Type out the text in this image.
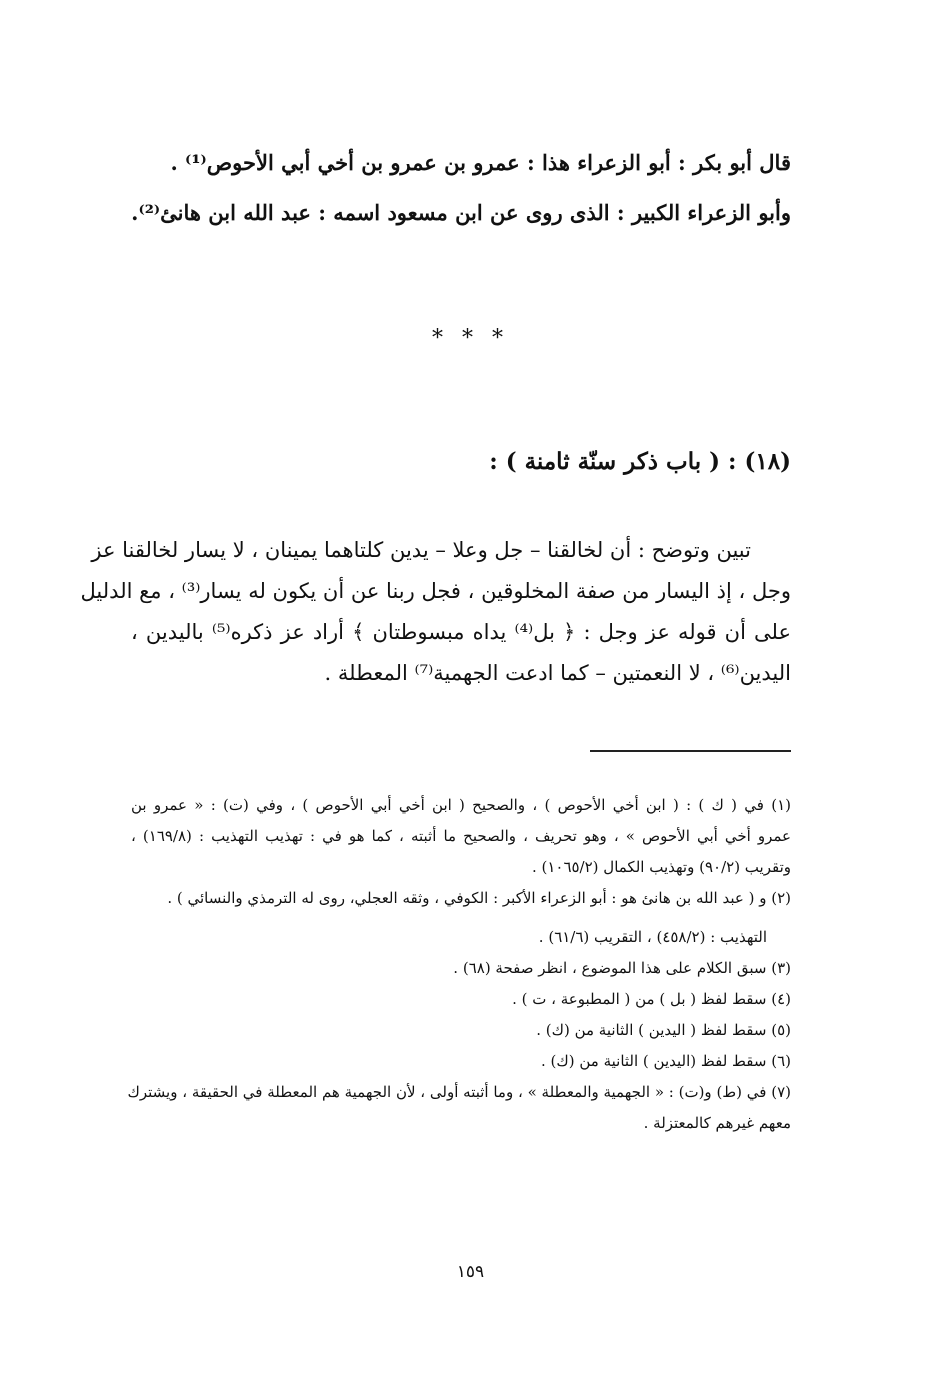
قال أبو بكر : أبو الزعراء هذا : عمرو بن عمرو بن أخي أبي الأحوص⁽¹⁾ .
وأبو الزعراء الكبير : الذى روى عن ابن مسعود اسمه : عبد الله ابن هانئ⁽²⁾.
* * *
(١٨) : ( باب ذكر سنّة ثامنة ) :
تبين وتوضح : أن لخالقنا – جل وعلا – يدين كلتاهما يمينان ، لا يسار لخالقنا عز
وجل ، إذ اليسار من صفة المخلوقين ، فجل ربنا عن أن يكون له يسار⁽³⁾ ، مع الدليل
على أن قوله عز وجل : ﴿ بل⁽⁴⁾ يداه مبسوطتان ﴾ أراد عز ذكره⁽⁵⁾ باليدين ،
اليدين⁽⁶⁾ ، لا النعمتين – كما ادعت الجهمية⁽⁷⁾ المعطلة .
(١) في ( ك ) : ( ابن أخي الأحوص ) ، والصحيح ( ابن أخي أبي الأحوص ) ، وفي (ت) : « عمرو بن
عمرو أخي أبي الأحوص » ، وهو تحريف ، والصحيح ما أثبته ، كما هو في : تهذيب التهذيب : (١٦٩/٨) ،
وتقريب (٩٠/٢) وتهذيب الكمال (١٠٦٥/٢) .
(٢) و ( عبد الله بن هانئ هو : أبو الزعراء الأكبر : الكوفي ، وثقه العجلي، روى له الترمذي والنسائي ) .
التهذيب : (٤٥٨/٢) ، التقريب (٦١/٦) .
(٣) سبق الكلام على هذا الموضوع ، انظر صفحة (٦٨) .
(٤) سقط لفظ ( بل ) من ( المطبوعة ، ت ) .
(٥) سقط لفظ ( اليدين ) الثانية من (ك) .
(٦) سقط لفظ (اليدين ) الثانية من (ك) .
(٧) في (ط) و(ت) : « الجهمية والمعطلة » ، وما أثبته أولى ، لأن الجهمية هم المعطلة في الحقيقة ، ويشترك
معهم غيرهم كالمعتزلة .
١٥٩
